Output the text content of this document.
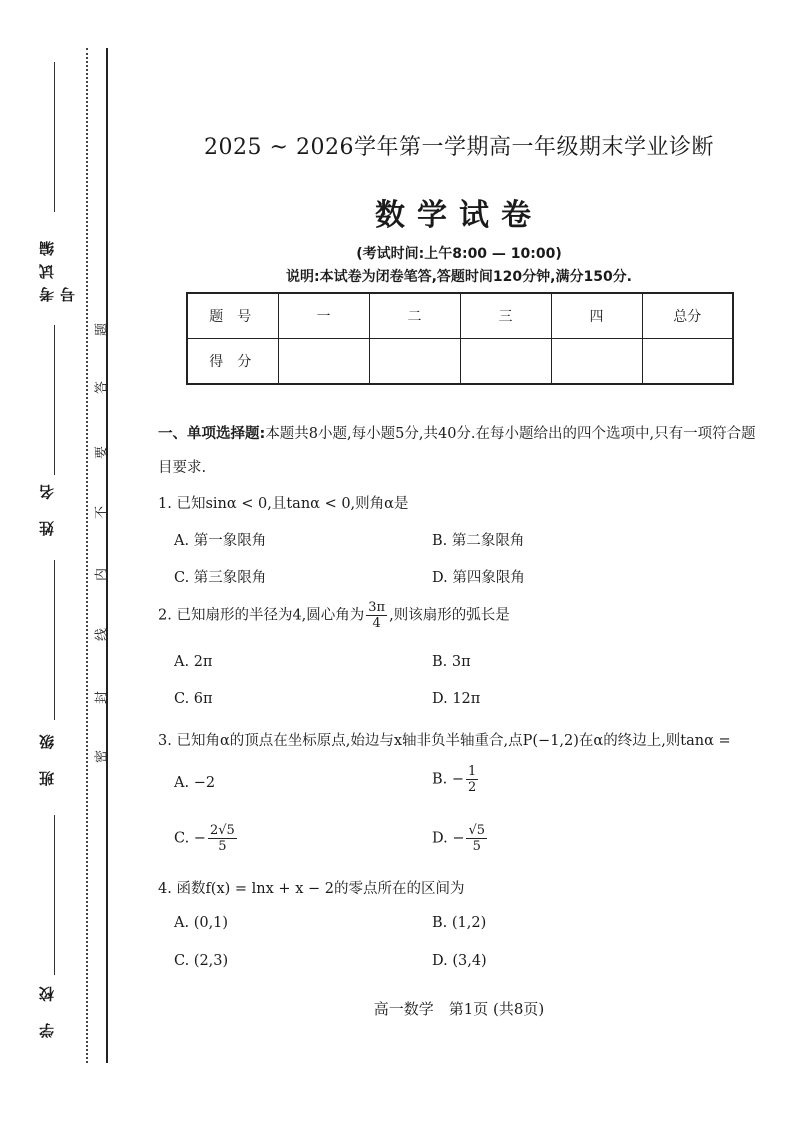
考试编号
姓 名
班 级
学 校
题
答
要
不
内
线
封
密
2025 ~ 2026学年第一学期高一年级期末学业诊断
数学试卷
(考试时间:上午8:00 — 10:00)
说明:本试卷为闭卷笔答,答题时间120分钟,满分150分.
题号	一	二	三	四	总分
得分					
一、单项选择题:本题共8小题,每小题5分,共40分.在每小题给出的四个选项中,只有一项符合题目要求.
1. 已知sinα < 0,且tanα < 0,则角α是
A. 第一象限角	B. 第二象限角
C. 第三象限角	D. 第四象限角
2. 已知扇形的半径为4,圆心角为 $\frac{3\pi}{4}$ ,则该扇形的弧长是
A. 2π	B. 3π
C. 6π	D. 12π
3. 已知角α的顶点在坐标原点,始边与x轴非负半轴重合,点P(−1,2)在α的终边上,则tanα =
A. −2	B. − $\frac{1}{2}$
C. − $\frac{2√5}{5}$	D. − $\frac{√5}{5}$
4. 函数f(x) = lnx + x − 2的零点所在的区间为
A. (0,1)	B. (1,2)
C. (2,3)	D. (3,4)
高一数学　第1页 (共8页)
